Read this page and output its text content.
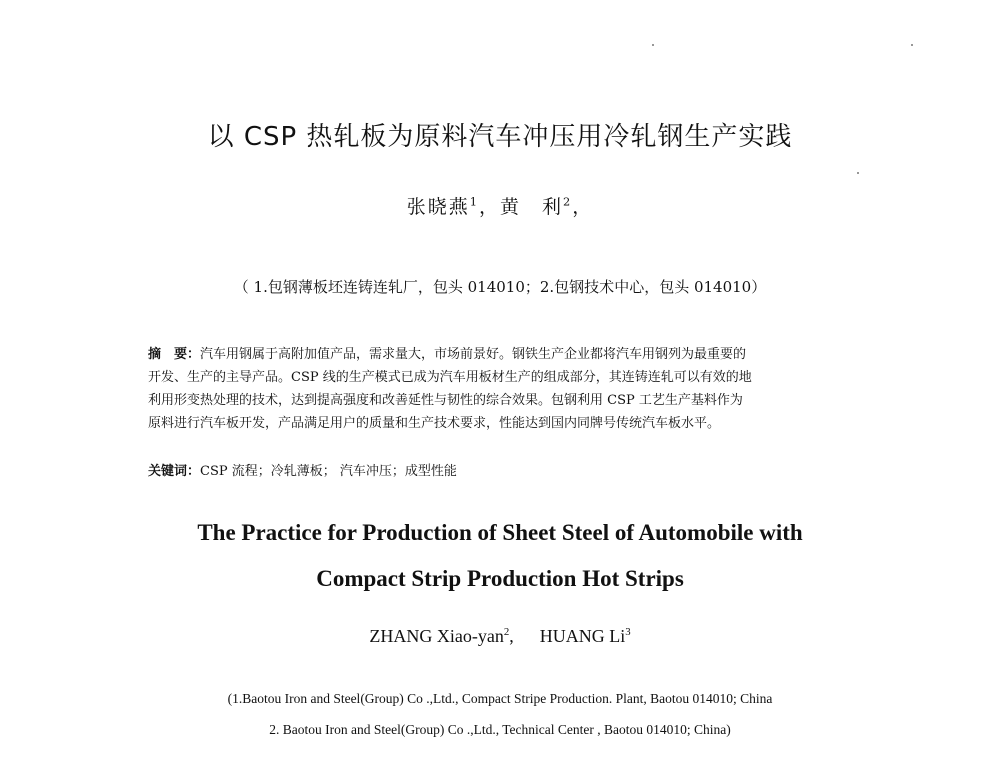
以 CSP 热轧板为原料汽车冲压用冷轧钢生产实践
张晓燕$^1$，黄　利$^2$，
（ 1.包钢薄板坯连铸连轧厂，包头 014010；2.包钢技术中心，包头 014010）
摘　要：汽车用钢属于高附加值产品，需求量大，市场前景好。钢铁生产企业都将汽车用钢列为最重要的
开发、生产的主导产品。CSP 线的生产模式已成为汽车用板材生产的组成部分，其连铸连轧可以有效的地
利用形变热处理的技术，达到提高强度和改善延性与韧性的综合效果。包钢利用 CSP 工艺生产基料作为
原料进行汽车板开发，产品满足用户的质量和生产技术要求，性能达到国内同牌号传统汽车板水平。
关键词：CSP 流程；冷轧薄板； 汽车冲压；成型性能
The Practice for Production of Sheet Steel of Automobile with
Compact Strip Production Hot Strips
ZHANG Xiao-yan$^2$, HUANG Li$^3$
(1.Baotou Iron and Steel(Group) Co .,Ltd., Compact Stripe Production. Plant, Baotou 014010; China
2. Baotou Iron and Steel(Group) Co .,Ltd., Technical Center , Baotou 014010; China)
